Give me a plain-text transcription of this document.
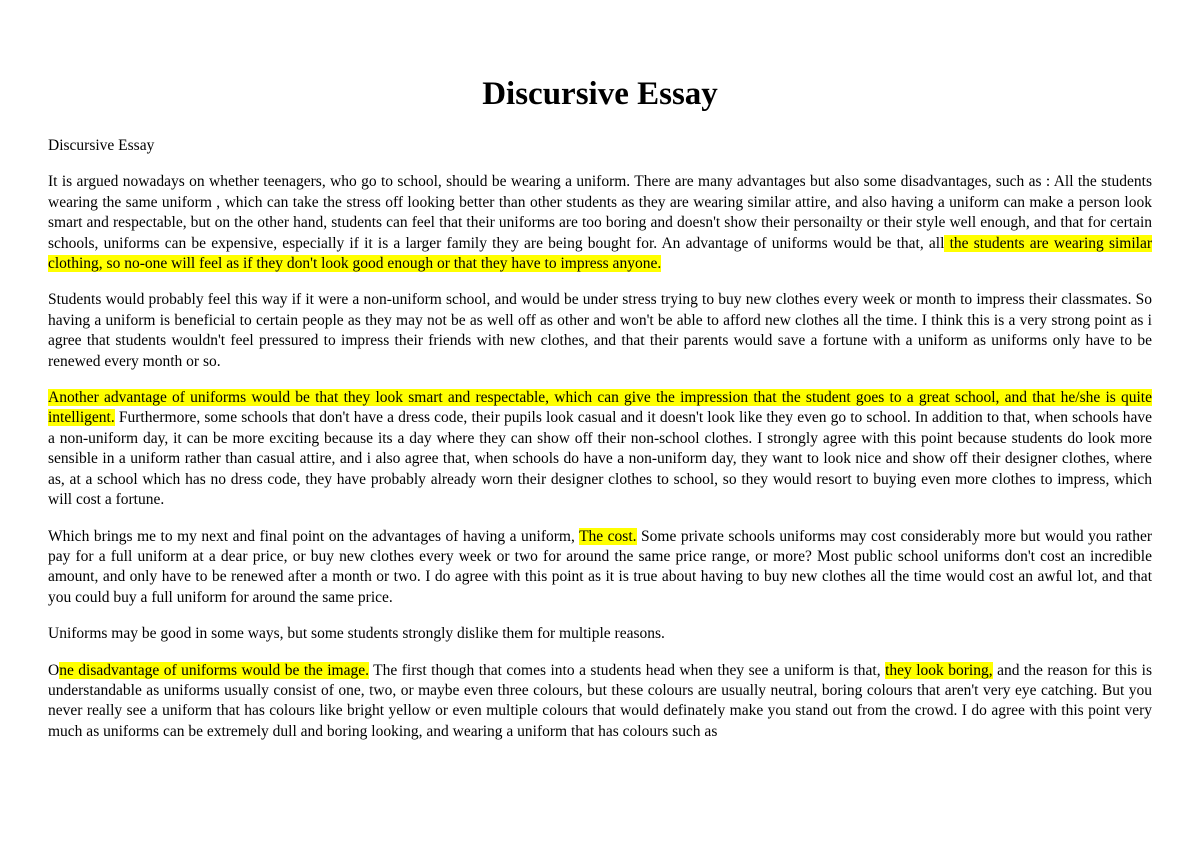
Discursive Essay

Discursive Essay

It is argued nowadays on whether teenagers, who go to school, should be wearing a uniform. There are many advantages but also some disadvantages, such as : All the students wearing the same uniform , which can take the stress off looking better than other students as they are wearing similar attire, and also having a uniform can make a person look smart and respectable, but on the other hand, students can feel that their uniforms are too boring and doesn't show their personailty or their style well enough, and that for certain schools, uniforms can be expensive, especially if it is a larger family they are being bought for. An advantage of uniforms would be that, all the students are wearing similar clothing, so no-one will feel as if they don't look good enough or that they have to impress anyone.

Students would probably feel this way if it were a non-uniform school, and would be under stress trying to buy new clothes every week or month to impress their classmates. So having a uniform is beneficial to certain people as they may not be as well off as other and won't be able to afford new clothes all the time. I think this is a very strong point as i agree that students wouldn't feel pressured to impress their friends with new clothes, and that their parents would save a fortune with a uniform as uniforms only have to be renewed every month or so.

Another advantage of uniforms would be that they look smart and respectable, which can give the impression that the student goes to a great school, and that he/she is quite intelligent. Furthermore, some schools that don't have a dress code, their pupils look casual and it doesn't look like they even go to school. In addition to that, when schools have a non-uniform day, it can be more exciting because its a day where they can show off their non-school clothes. I strongly agree with this point because students do look more sensible in a uniform rather than casual attire, and i also agree that, when schools do have a non-uniform day, they want to look nice and show off their designer clothes, where as, at a school which has no dress code, they have probably already worn their designer clothes to school, so they would resort to buying even more clothes to impress, which will cost a fortune.

Which brings me to my next and final point on the advantages of having a uniform, The cost. Some private schools uniforms may cost considerably more but would you rather pay for a full uniform at a dear price, or buy new clothes every week or two for around the same price range, or more? Most public school uniforms don't cost an incredible amount, and only have to be renewed after a month or two. I do agree with this point as it is true about having to buy new clothes all the time would cost an awful lot, and that you could buy a full uniform for around the same price.

Uniforms may be good in some ways, but some students strongly dislike them for multiple reasons.

One disadvantage of uniforms would be the image. The first though that comes into a students head when they see a uniform is that, they look boring, and the reason for this is understandable as uniforms usually consist of one, two, or maybe even three colours, but these colours are usually neutral, boring colours that aren't very eye catching. But you never really see a uniform that has colours like bright yellow or even multiple colours that would definately make you stand out from the crowd. I do agree with this point very much as uniforms can be extremely dull and boring looking, and wearing a uniform that has colours such as
